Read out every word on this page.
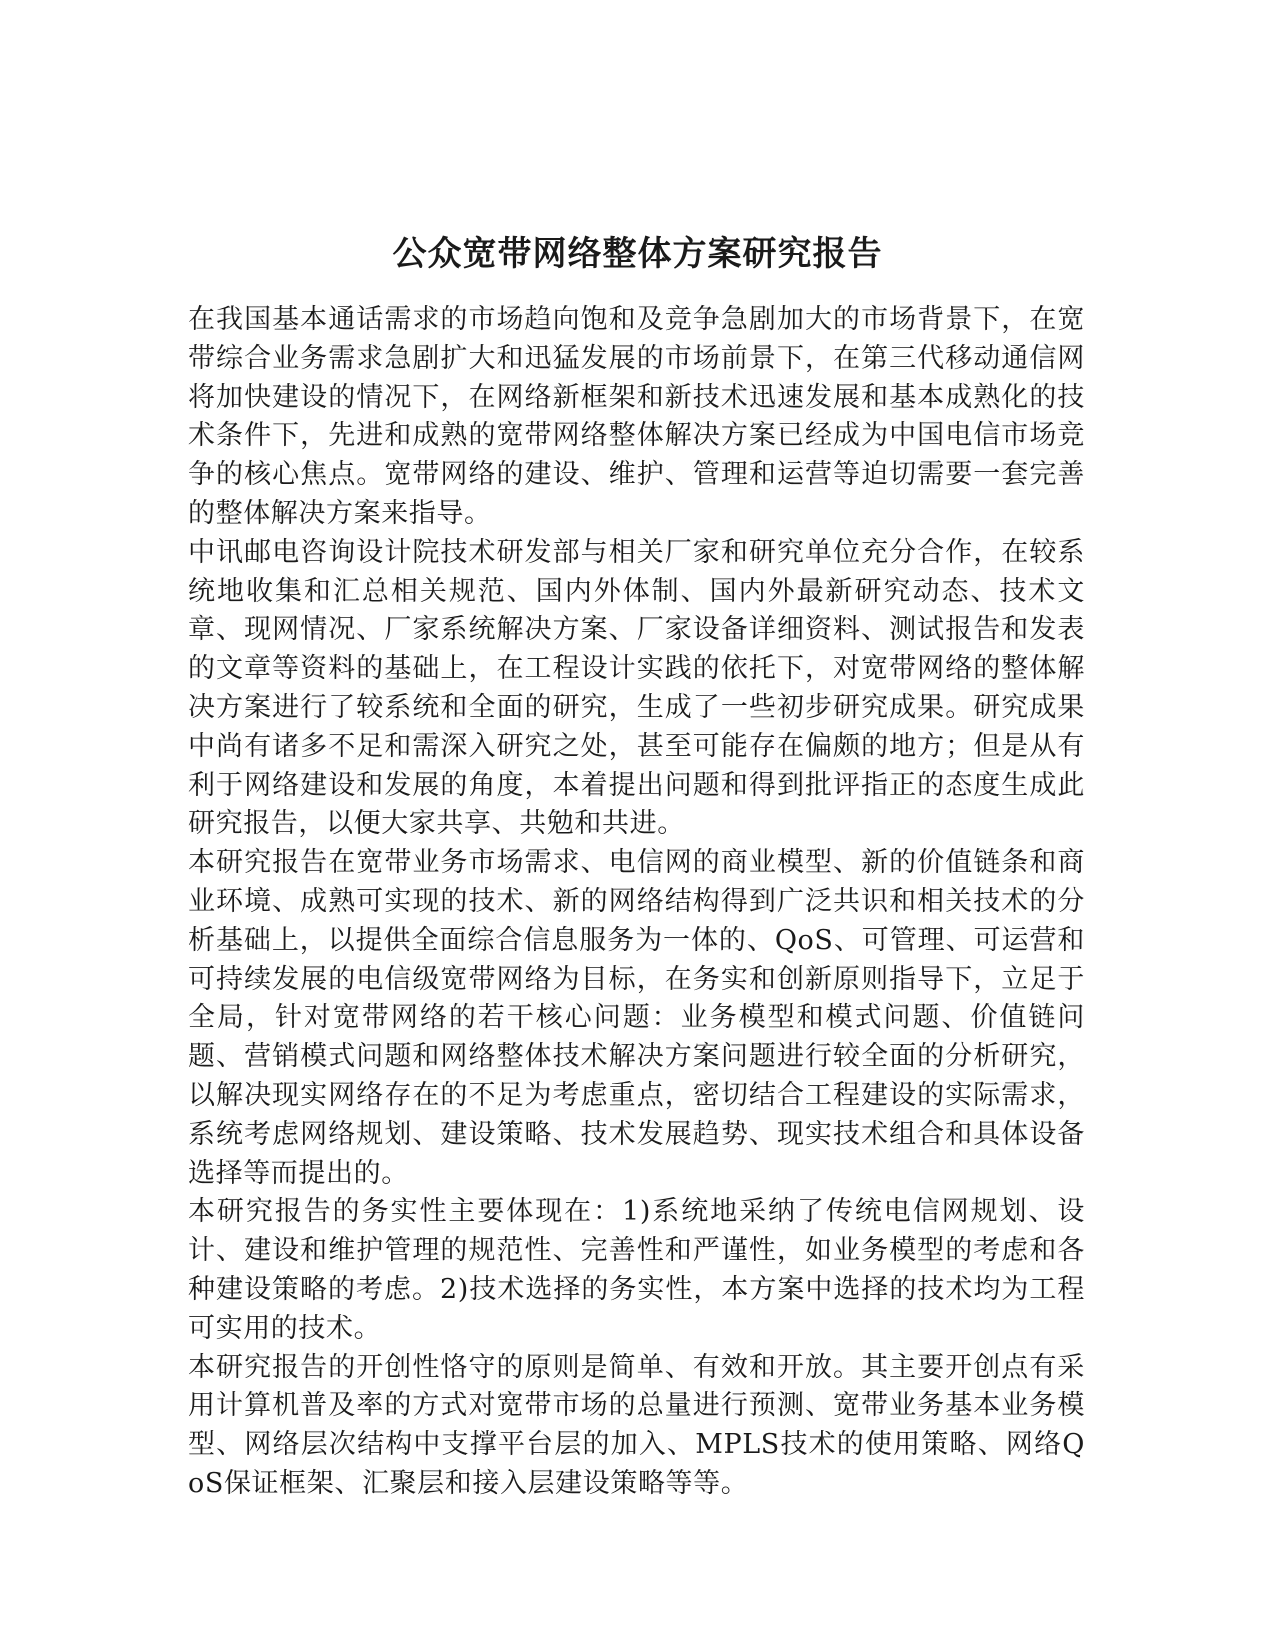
公众宽带网络整体方案研究报告

在我国基本通话需求的市场趋向饱和及竞争急剧加大的市场背景下，在宽带综合业务需求急剧扩大和迅猛发展的市场前景下，在第三代移动通信网将加快建设的情况下，在网络新框架和新技术迅速发展和基本成熟化的技术条件下，先进和成熟的宽带网络整体解决方案已经成为中国电信市场竞争的核心焦点。宽带网络的建设、维护、管理和运营等迫切需要一套完善的整体解决方案来指导。

中讯邮电咨询设计院技术研发部与相关厂家和研究单位充分合作，在较系统地收集和汇总相关规范、国内外体制、国内外最新研究动态、技术文章、现网情况、厂家系统解决方案、厂家设备详细资料、测试报告和发表的文章等资料的基础上，在工程设计实践的依托下，对宽带网络的整体解决方案进行了较系统和全面的研究，生成了一些初步研究成果。研究成果中尚有诸多不足和需深入研究之处，甚至可能存在偏颇的地方；但是从有利于网络建设和发展的角度，本着提出问题和得到批评指正的态度生成此研究报告，以便大家共享、共勉和共进。

本研究报告在宽带业务市场需求、电信网的商业模型、新的价值链条和商业环境、成熟可实现的技术、新的网络结构得到广泛共识和相关技术的分析基础上，以提供全面综合信息服务为一体的、QoS、可管理、可运营和可持续发展的电信级宽带网络为目标，在务实和创新原则指导下，立足于全局，针对宽带网络的若干核心问题：业务模型和模式问题、价值链问题、营销模式问题和网络整体技术解决方案问题进行较全面的分析研究，以解决现实网络存在的不足为考虑重点，密切结合工程建设的实际需求，系统考虑网络规划、建设策略、技术发展趋势、现实技术组合和具体设备选择等而提出的。

本研究报告的务实性主要体现在：1)系统地采纳了传统电信网规划、设计、建设和维护管理的规范性、完善性和严谨性，如业务模型的考虑和各种建设策略的考虑。2)技术选择的务实性，本方案中选择的技术均为工程可实用的技术。

本研究报告的开创性恪守的原则是简单、有效和开放。其主要开创点有采用计算机普及率的方式对宽带市场的总量进行预测、宽带业务基本业务模型、网络层次结构中支撑平台层的加入、MPLS技术的使用策略、网络QoS保证框架、汇聚层和接入层建设策略等等。
